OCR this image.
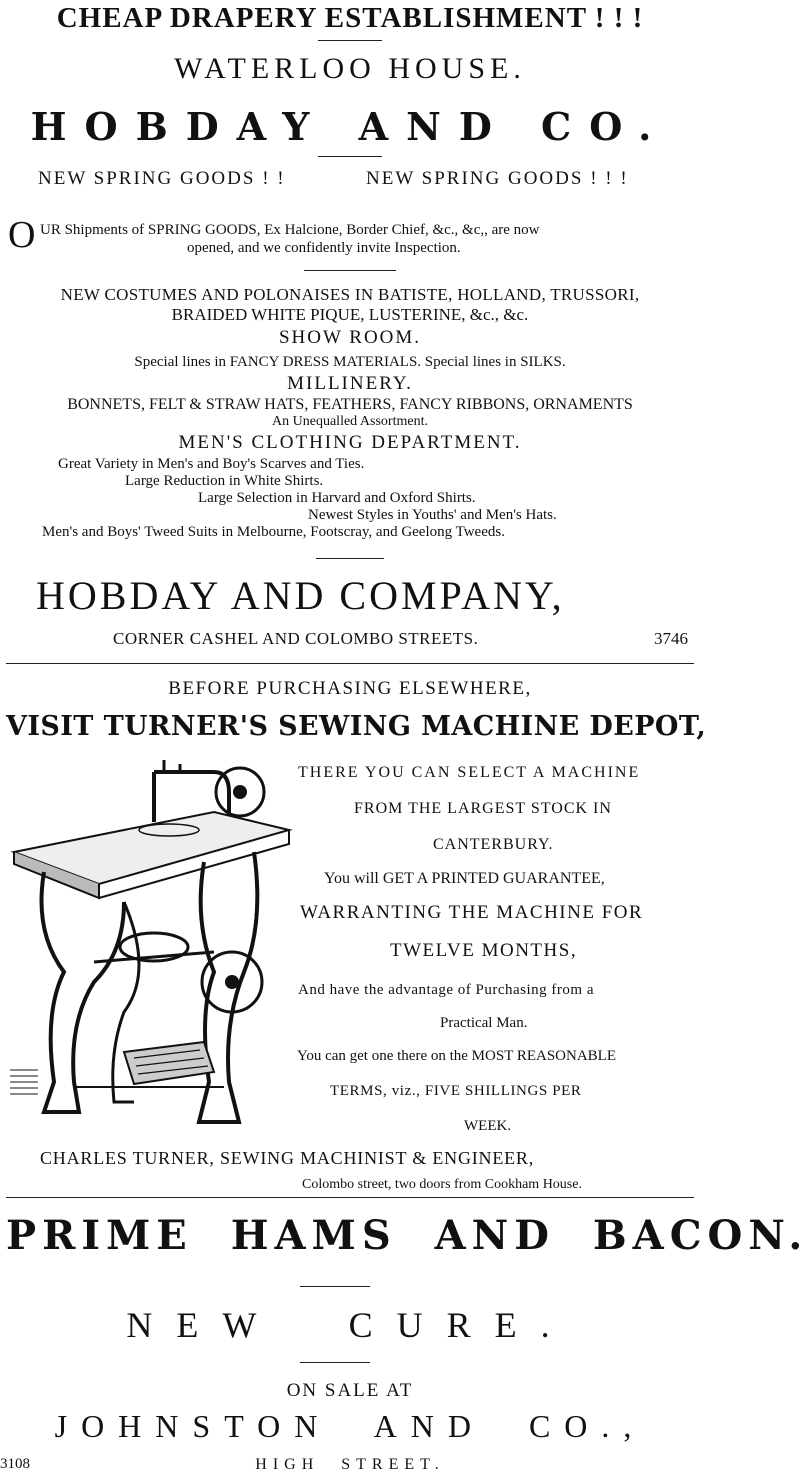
CHEAP DRAPERY ESTABLISHMENT ! ! !
WATERLOO HOUSE.
HOBDAY AND CO.
NEW SPRING GOODS ! !	NEW SPRING GOODS ! ! !
O UR Shipments of SPRING GOODS, Ex Halcione, Border Chief, &c., &c,, are now
opened, and we confidently invite Inspection.
NEW COSTUMES AND POLONAISES IN BATISTE, HOLLAND, TRUSSORI,
BRAIDED WHITE PIQUE, LUSTERINE, &c., &c.
SHOW ROOM.
Special lines in FANCY DRESS MATERIALS. Special lines in SILKS.
MILLINERY.
BONNETS, FELT & STRAW HATS, FEATHERS, FANCY RIBBONS, ORNAMENTS
An Unequalled Assortment.
MEN'S CLOTHING DEPARTMENT.
Great Variety in Men's and Boy's Scarves and Ties.
Large Reduction in White Shirts.
Large Selection in Harvard and Oxford Shirts.
Newest Styles in Youths' and Men's Hats.
Men's and Boys' Tweed Suits in Melbourne, Footscray, and Geelong Tweeds.
HOBDAY AND COMPANY,
CORNER CASHEL AND COLOMBO STREETS.	3746
BEFORE PURCHASING ELSEWHERE,
VISIT TURNER'S SEWING MACHINE DEPOT,
THERE YOU CAN SELECT A MACHINE
FROM THE LARGEST STOCK IN
CANTERBURY.
You will GET A PRINTED GUARANTEE,
WARRANTING THE MACHINE FOR
TWELVE MONTHS,
And have the advantage of Purchasing from a
Practical Man.
You can get one there on the MOST REASONABLE
TERMS, viz., FIVE SHILLINGS PER
WEEK.
CHARLES TURNER, SEWING MACHINIST & ENGINEER,
Colombo street, two doors from Cookham House.
PRIME HAMS AND BACON.
NEW CURE.
ON SALE AT
JOHNSTON AND CO.,
3108	HIGH STREET.
